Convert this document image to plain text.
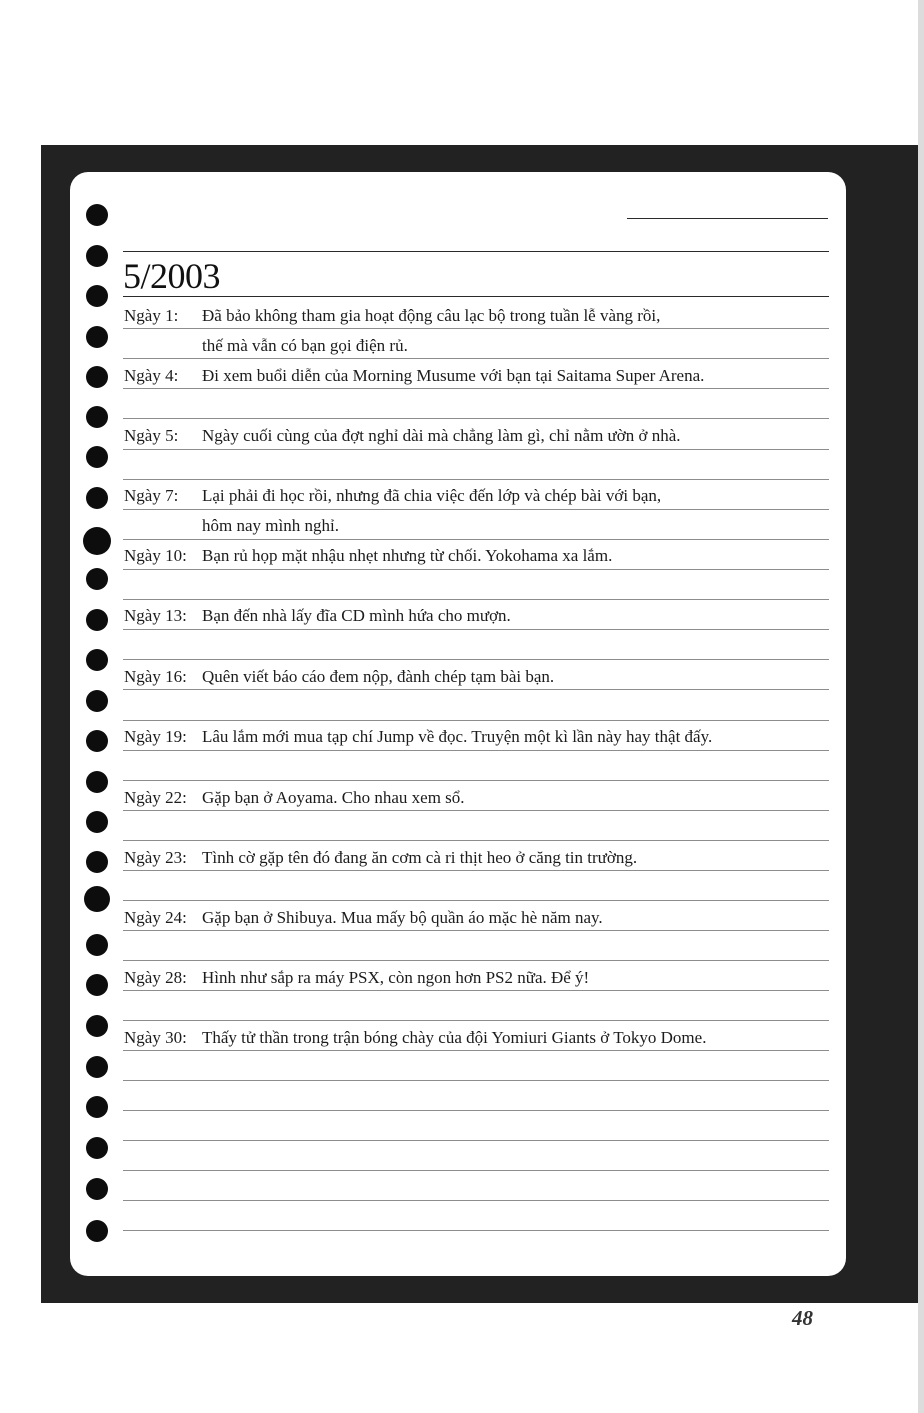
5/2003
Ngày 1: Đã bảo không tham gia hoạt động câu lạc bộ trong tuần lễ vàng rồi,
thế mà vẫn có bạn gọi điện rủ.
Ngày 4: Đi xem buổi diễn của Morning Musume với bạn tại Saitama Super Arena.
Ngày 5: Ngày cuối cùng của đợt nghỉ dài mà chẳng làm gì, chỉ nằm ườn ở nhà.
Ngày 7: Lại phải đi học rồi, nhưng đã chia việc đến lớp và chép bài với bạn,
hôm nay mình nghỉ.
Ngày 10: Bạn rủ họp mặt nhậu nhẹt nhưng từ chối. Yokohama xa lắm.
Ngày 13: Bạn đến nhà lấy đĩa CD mình hứa cho mượn.
Ngày 16: Quên viết báo cáo đem nộp, đành chép tạm bài bạn.
Ngày 19: Lâu lắm mới mua tạp chí Jump về đọc. Truyện một kì lần này hay thật đấy.
Ngày 22: Gặp bạn ở Aoyama. Cho nhau xem sổ.
Ngày 23: Tình cờ gặp tên đó đang ăn cơm cà ri thịt heo ở căng tin trường.
Ngày 24: Gặp bạn ở Shibuya. Mua mấy bộ quần áo mặc hè năm nay.
Ngày 28: Hình như sắp ra máy PSX, còn ngon hơn PS2 nữa. Để ý!
Ngày 30: Thấy tử thần trong trận bóng chày của đội Yomiuri Giants ở Tokyo Dome.
48
